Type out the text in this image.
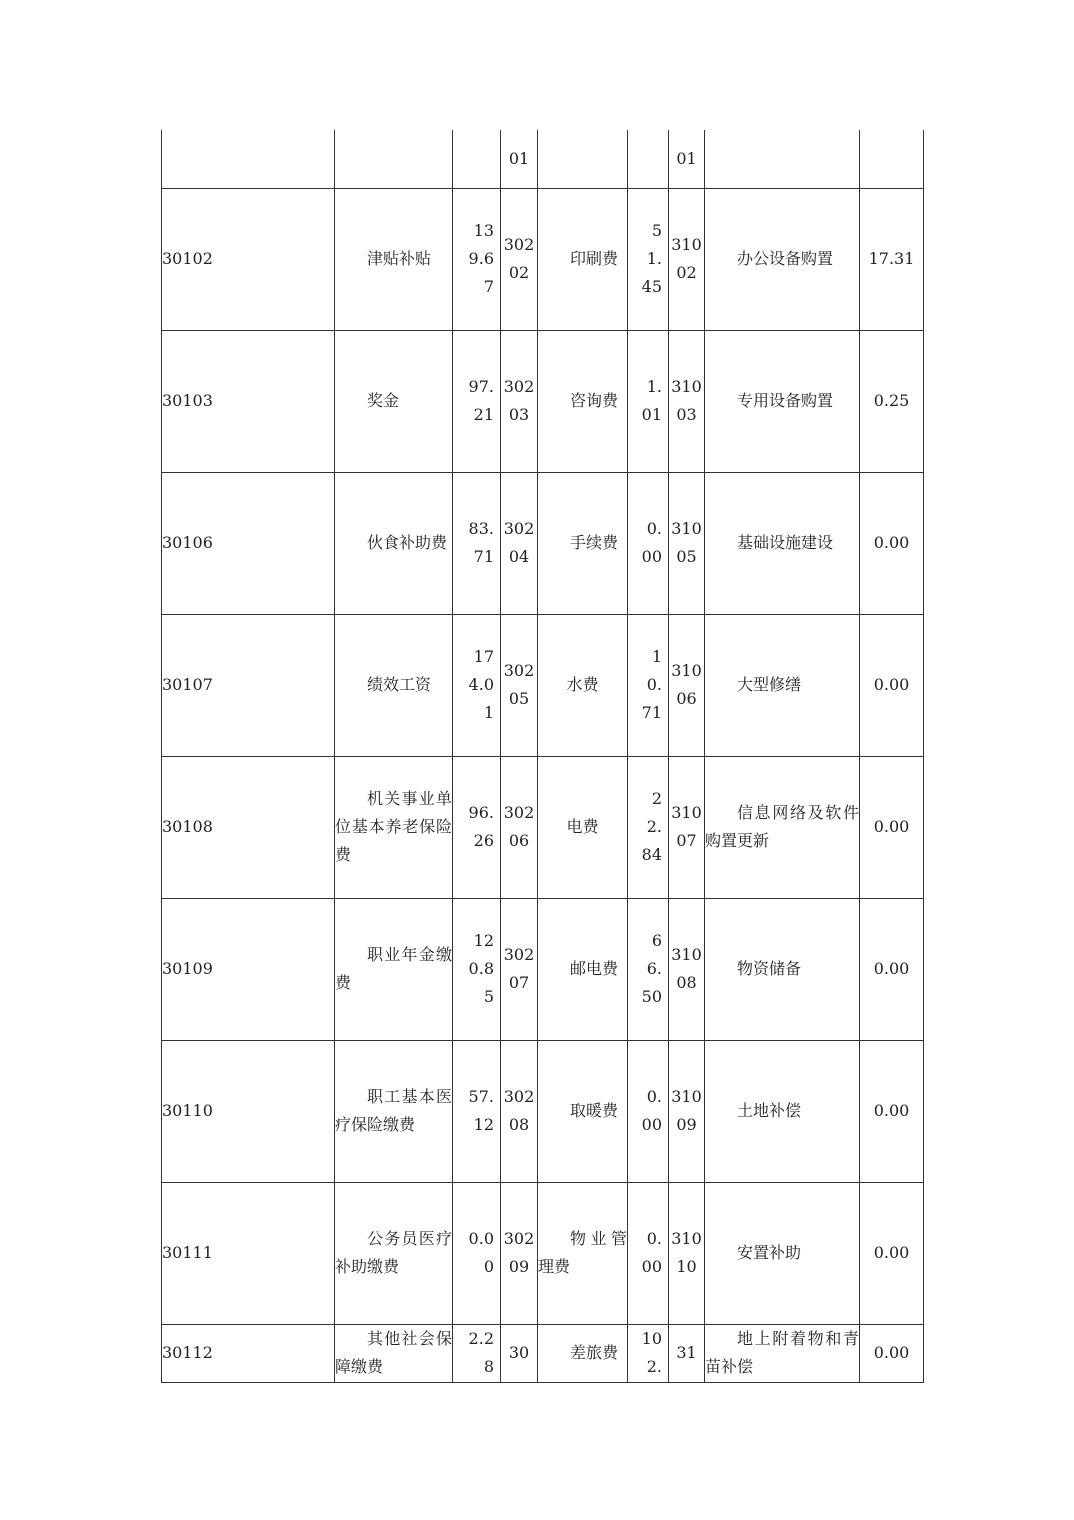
			01			01		

30102	津贴补贴	139.67	30202	印刷费	51.45	31002	办公设备购置	17.31
30103	奖金	97.21	30203	咨询费	1.01	31003	专用设备购置	0.25
30106	伙食补助费	83.71	30204	手续费	0.00	31005	基础设施建设	0.00
30107	绩效工资	174.01	30205	水费	10.71	31006	大型修缮	0.00
30108	机关事业单位基本养老保险费	96.26	30206	电费	22.84	31007	信息网络及软件购置更新	0.00
30109	职业年金缴费	120.85	30207	邮电费	66.50	31008	物资储备	0.00
30110	职工基本医疗保险缴费	57.12	30208	取暖费	0.00	31009	土地补偿	0.00
30111	公务员医疗补助缴费	0.00	30209	物业管理费	0.00	31010	安置补助	0.00
30112	其他社会保障缴费	2.28	30	差旅费	102.	31	地上附着物和青苗补偿	0.00
